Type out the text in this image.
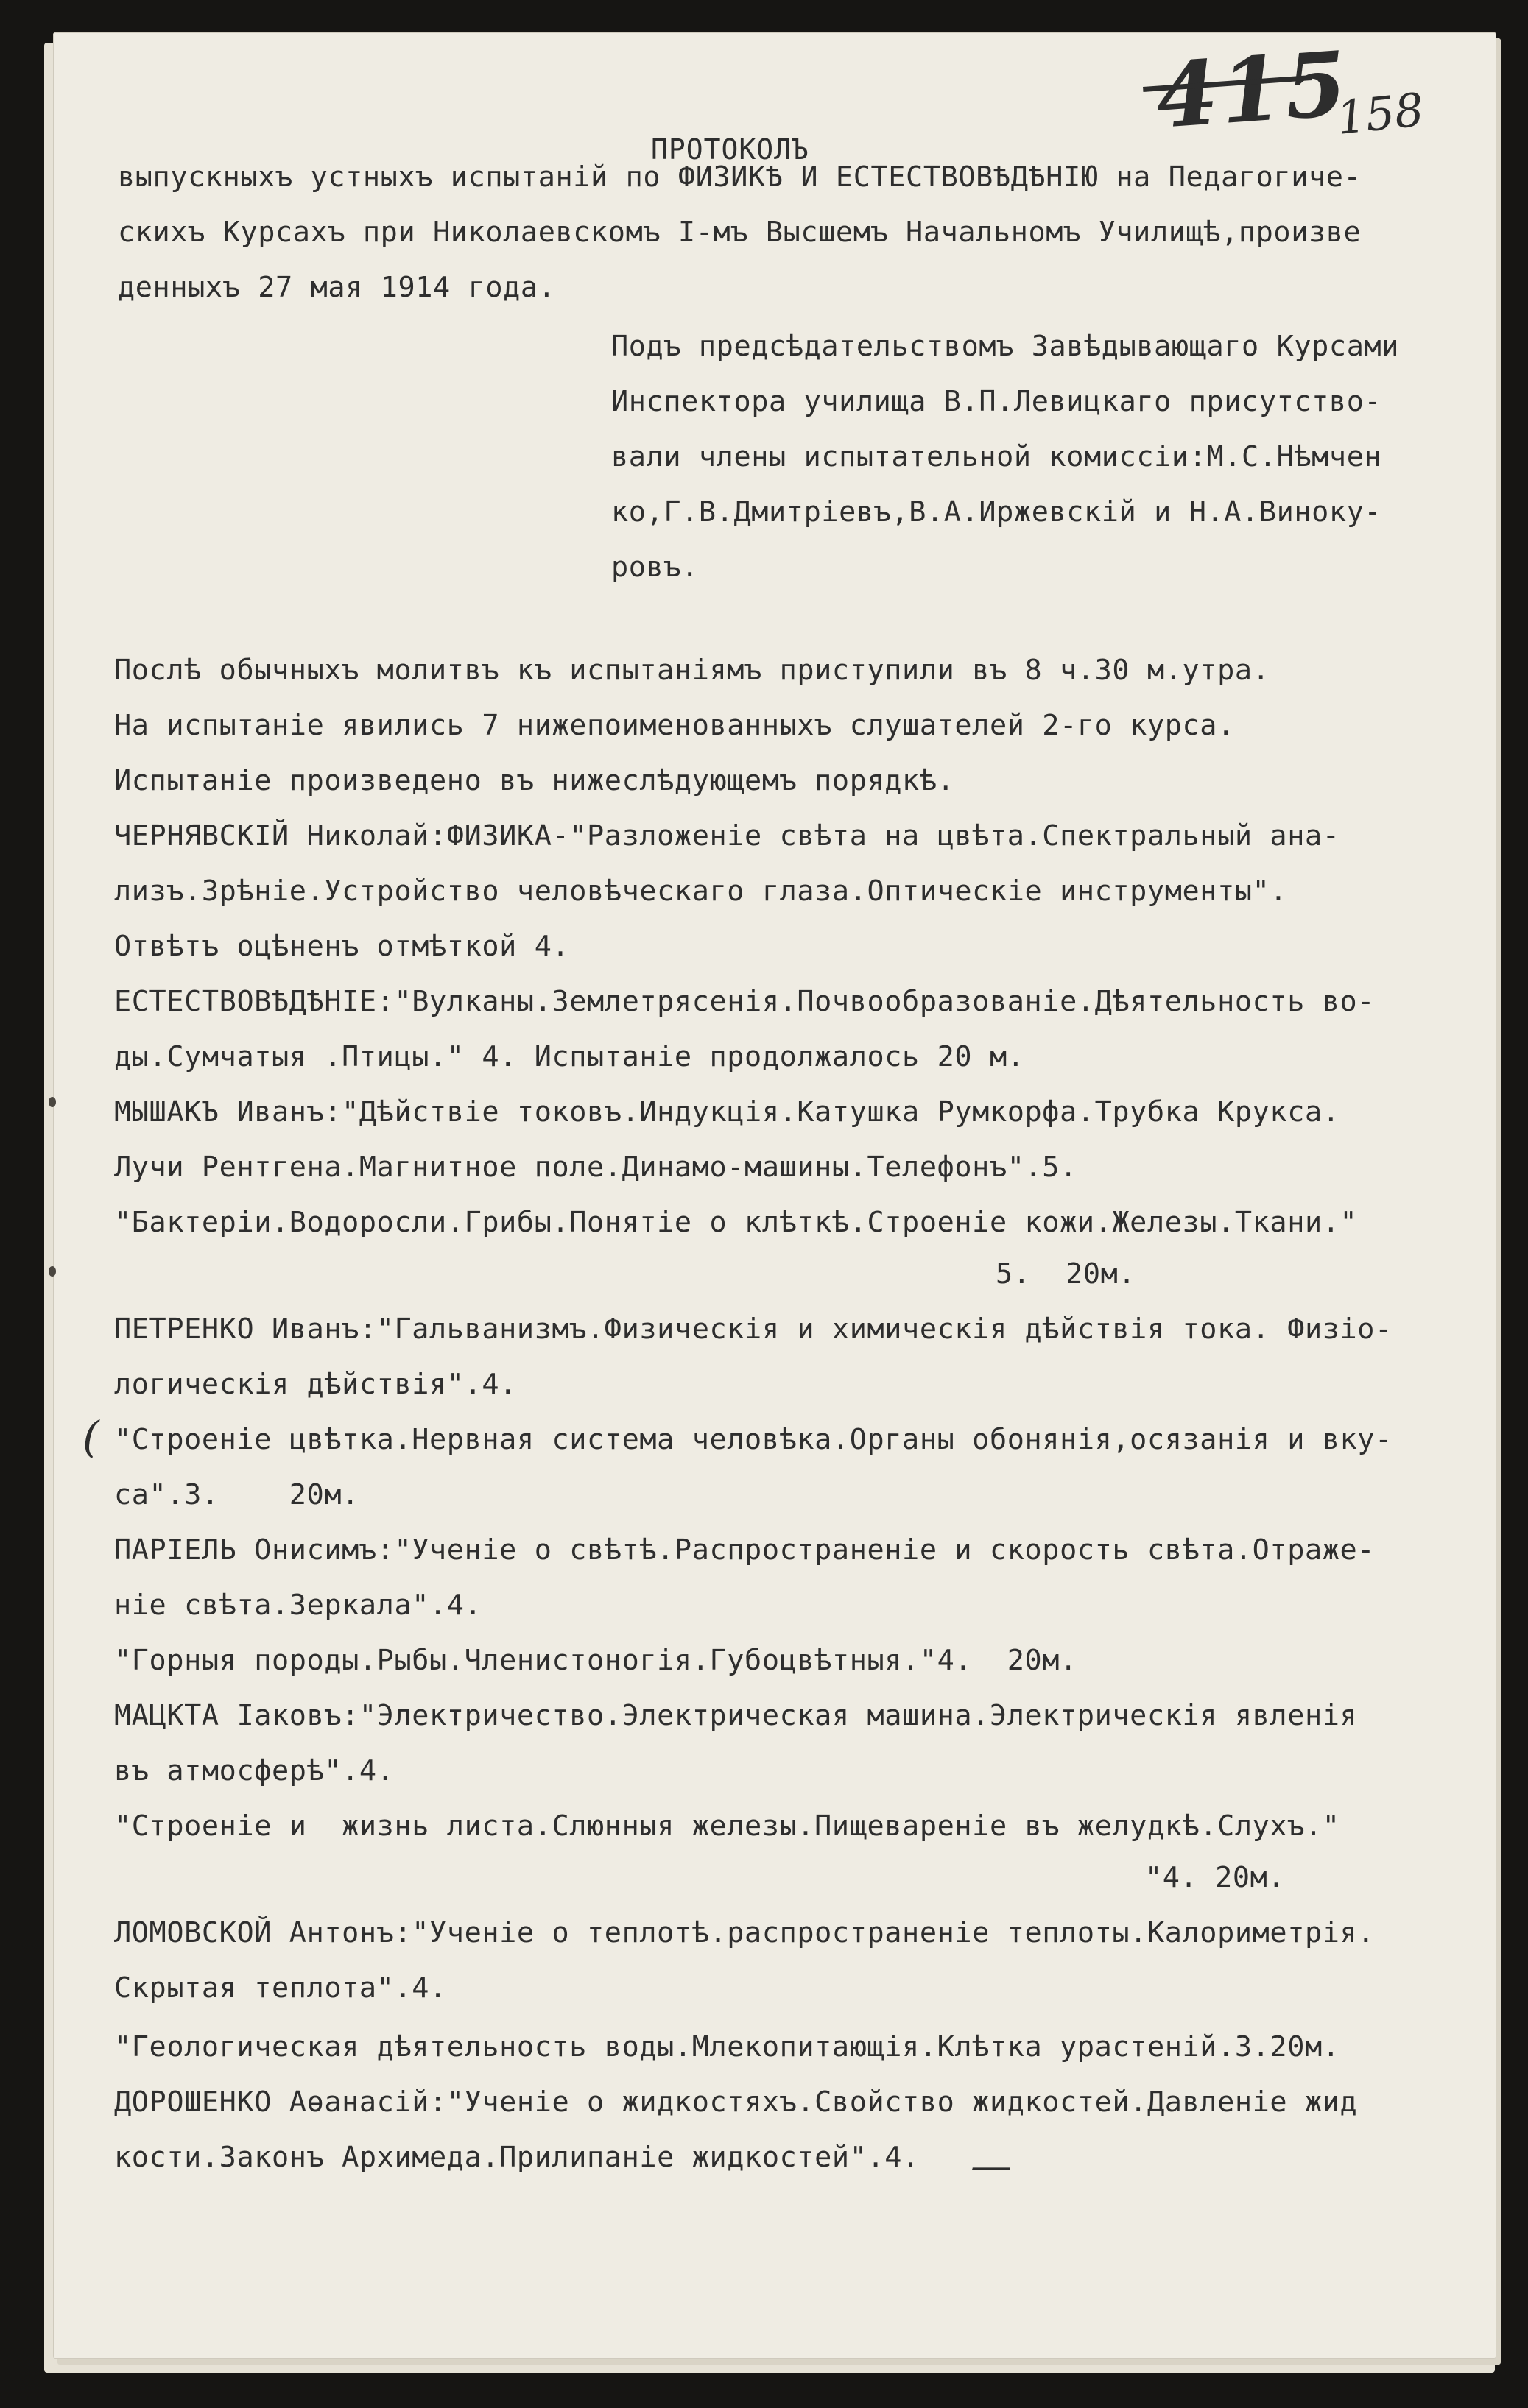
415
158
ПРОТОКОЛЪ
выпускныхъ устныхъ испытаній по ФИЗИКѢ И ЕСТЕСТВОВѢДѢНІЮ на Педагогиче-
скихъ Курсахъ при Николаевскомъ I-мъ Высшемъ Начальномъ Училищѣ,произве
денныхъ 27 мая 1914 года.
Подъ предсѣдательствомъ Завѣдывающаго Курсами
Инспектора училища В.П.Левицкаго присутство-
вали члены испытательной комиссіи:М.С.Нѣмчен
ко,Г.В.Дмитріевъ,В.А.Иржевскій и Н.А.Винoку-
ровъ.
Послѣ обычныхъ молитвъ къ испытаніямъ приступили въ 8 ч.30 м.утра.
На испытаніе явились 7 нижепоименованныхъ слушателей 2-го курса.
Испытаніе произведено въ нижеслѣдующемъ порядкѣ.
ЧЕРНЯВСКІЙ Николай:ФИЗИКА-"Разложеніе свѣта на цвѣта.Спектральный ана-
лизъ.Зрѣніе.Устройство человѣческаго глаза.Оптическіе инструменты".
Отвѣтъ оцѣненъ отмѣткой 4.
ЕСТЕСТВОВѢДѢНІЕ:"Вулканы.Землетрясенія.Почвообразованіе.Дѣятельность во-
ды.Сумчатыя .Птицы." 4. Испытаніе продолжалось 20 м.
МЫШАКЪ Иванъ:"Дѣйствіе токовъ.Индукція.Катушка Румкорфа.Трубка Крукса.
Лучи Рентгена.Магнитное поле.Динамо-машины.Телефонъ".5.
"Бактеріи.Водоросли.Грибы.Понятіе о клѣткѣ.Строеніе кожи.Железы.Ткани."
5.  20м.
ПЕТРЕНКО Иванъ:"Гальванизмъ.Физическія и химическія дѣйствія тока. Физіо-
логическія дѣйствія".4.
( "Строеніе цвѣтка.Нервная система человѣка.Органы обонянія,осязанія и вку-
са".3.    20м.
ПАРІЕЛЬ Онисимъ:"Ученіе о свѣтѣ.Распространеніе и скорость свѣта.Отраже-
ніе свѣта.Зеркала".4.
"Горныя породы.Рыбы.Членистоногія.Губоцвѣтныя."4.  20м.
МАЦКТА Іаковъ:"Электричество.Электрическая машина.Электрическія явленія
въ атмосферѣ".4.
"Строеніе и  жизнь листа.Слюнныя железы.Пищевареніе въ желудкѣ.Слухъ."
"4. 20м.
ЛОМОВСКОЙ Антонъ:"Ученіе о теплотѣ.распространеніе теплоты.Калориметрія.
Скрытая теплота".4.
"Геологическая дѣятельность воды.Млекопитающія.Клѣтка урастеній.3.20м.
ДОРОШЕНКО Аѳанасій:"Ученіе о жидкостяхъ.Свойство жидкостей.Давленіе жид
кости.Законъ Архимеда.Прилипаніе жидкостей".4. —
